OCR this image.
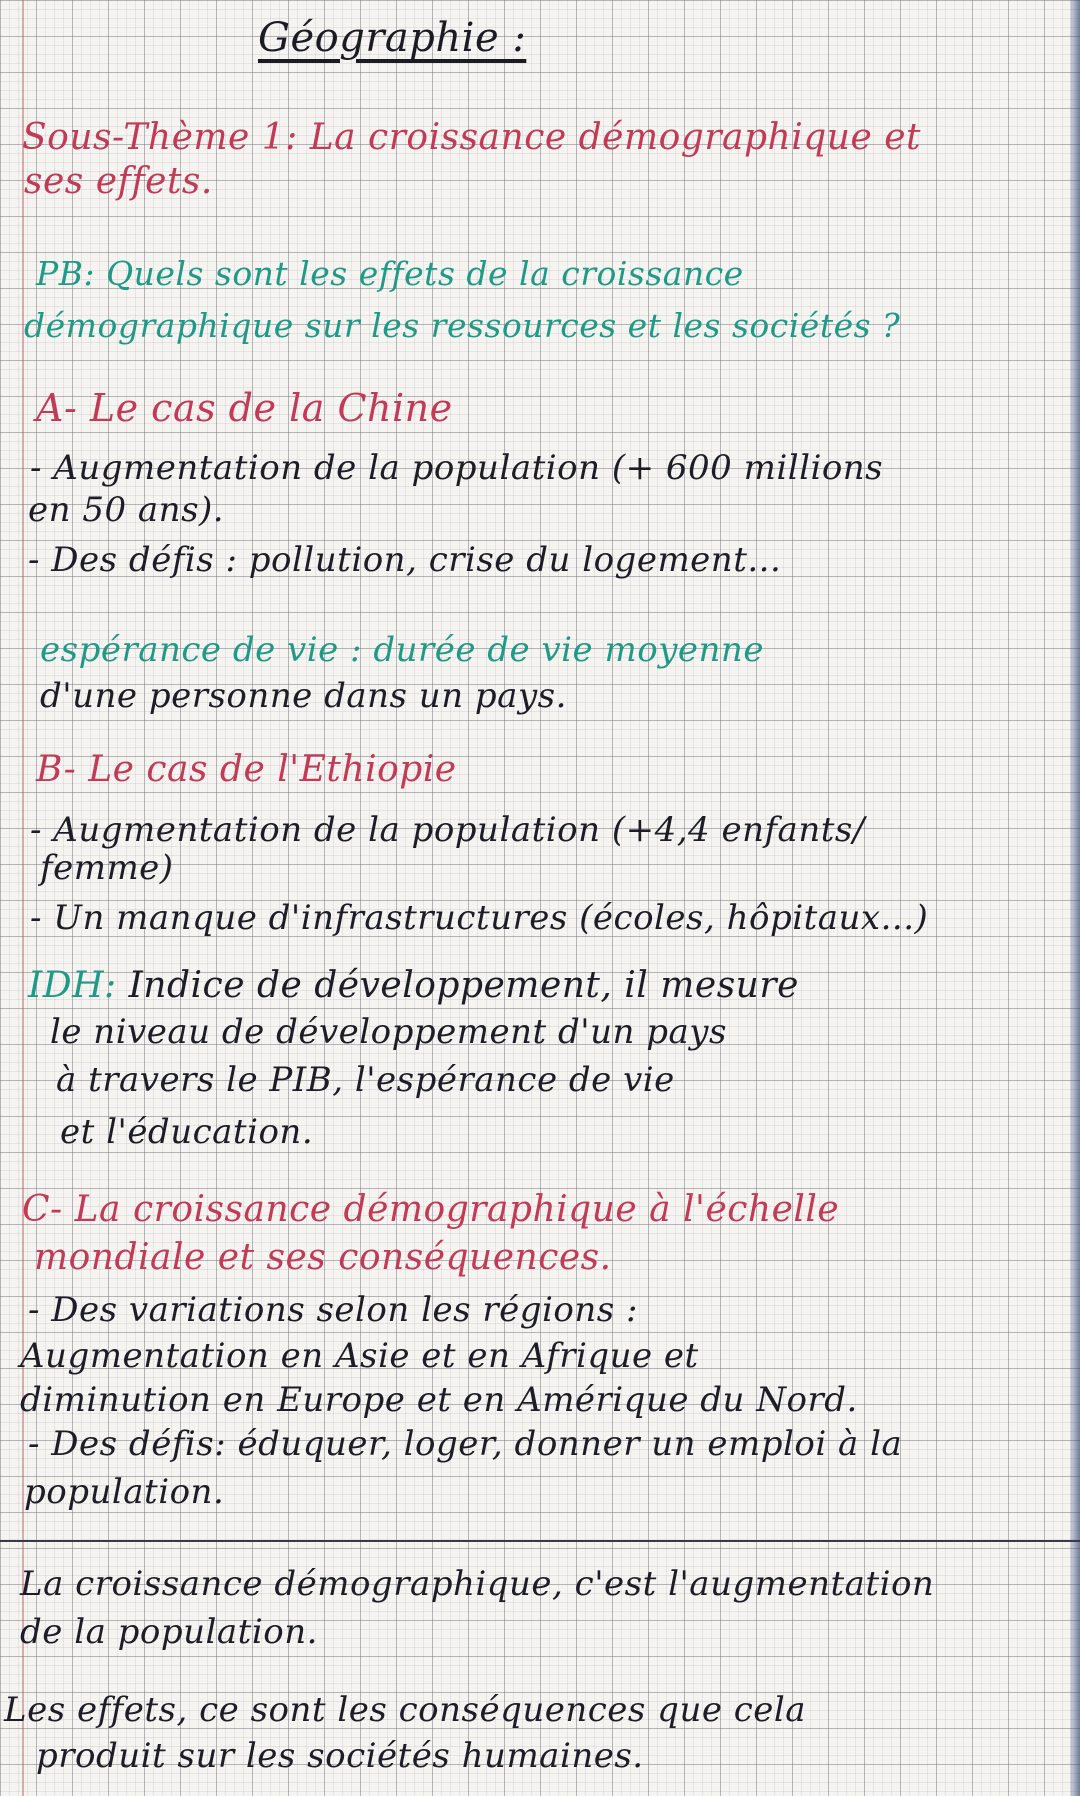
Géographie :

Sous-Thème 1: La croissance démographique et

ses effets.

PB: Quels sont les effets de la croissance

démographique sur les ressources et les sociétés ?

A- Le cas de la Chine

- Augmentation de la population (+ 600 millions

en 50 ans).

- Des défis : pollution, crise du logement...

espérance de vie : durée de vie moyenne

d'une personne dans un pays.

B- Le cas de l'Ethiopie

- Augmentation de la population (+4,4 enfants/

femme)

- Un manque d'infrastructures (écoles, hôpitaux...)

IDH: Indice de développement, il mesure

le niveau de développement d'un pays

à travers le PIB, l'espérance de vie

et l'éducation.

C- La croissance démographique à l'échelle

mondiale et ses conséquences.

- Des variations selon les régions :

Augmentation en Asie et en Afrique et

diminution en Europe et en Amérique du Nord.

- Des défis: éduquer, loger, donner un emploi à la

population.

La croissance démographique, c'est l'augmentation

de la population.

Les effets, ce sont les conséquences que cela

produit sur les sociétés humaines.
